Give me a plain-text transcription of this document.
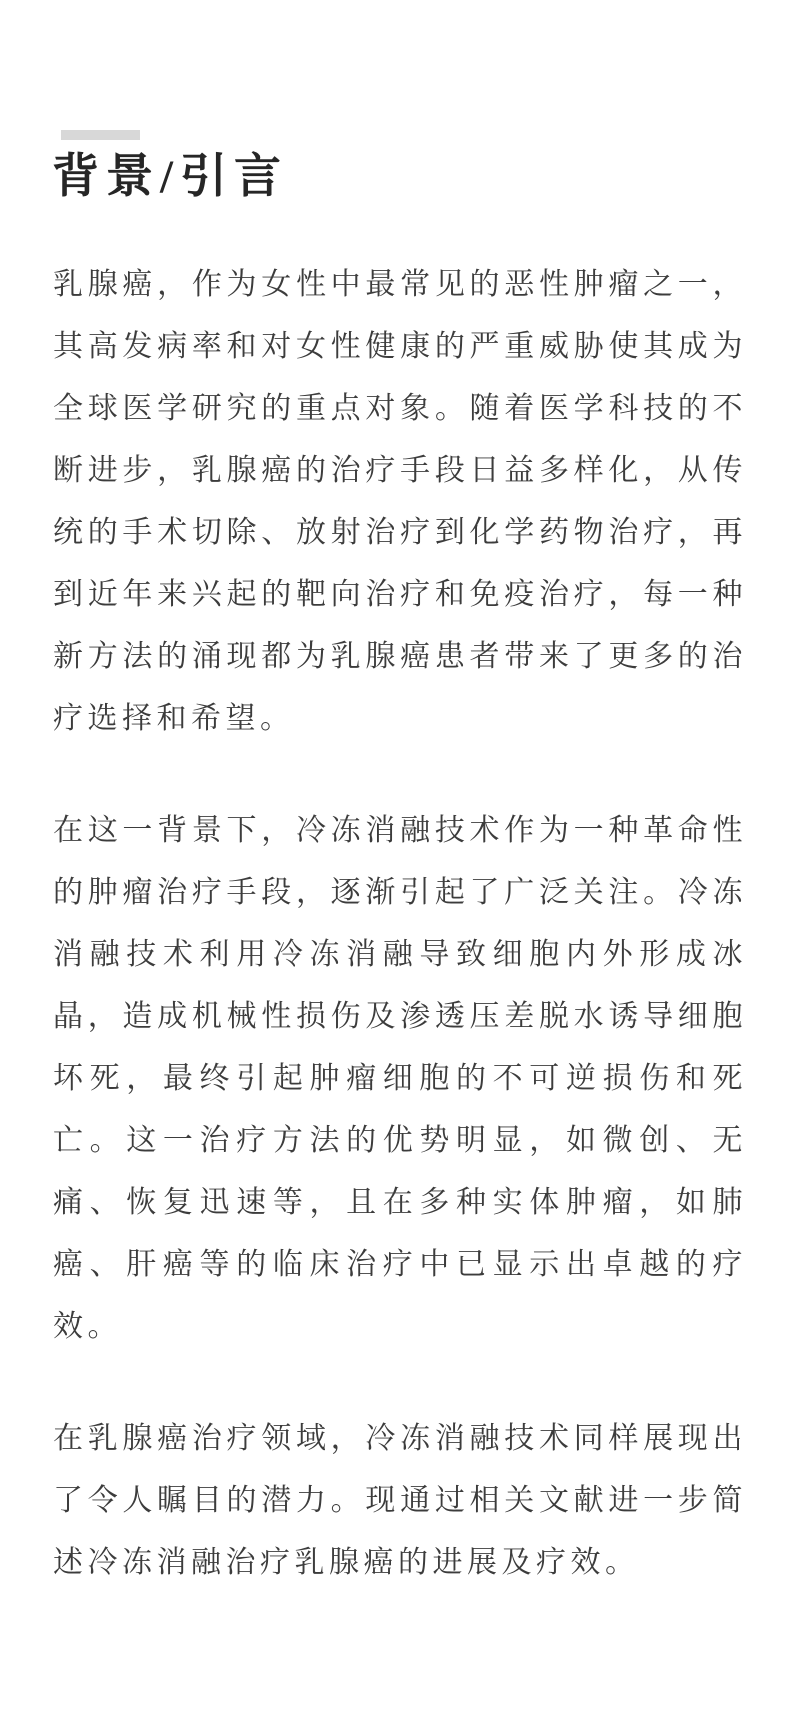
背景/引言

乳腺癌，作为女性中最常见的恶性肿瘤之一，其高发病率和对女性健康的严重威胁使其成为全球医学研究的重点对象。随着医学科技的不断进步，乳腺癌的治疗手段日益多样化，从传统的手术切除、放射治疗到化学药物治疗，再到近年来兴起的靶向治疗和免疫治疗，每一种新方法的涌现都为乳腺癌患者带来了更多的治疗选择和希望。

在这一背景下，冷冻消融技术作为一种革命性的肿瘤治疗手段，逐渐引起了广泛关注。冷冻消融技术利用冷冻消融导致细胞内外形成冰晶，造成机械性损伤及渗透压差脱水诱导细胞坏死，最终引起肿瘤细胞的不可逆损伤和死亡。这一治疗方法的优势明显，如微创、无痛、恢复迅速等，且在多种实体肿瘤，如肺癌、肝癌等的临床治疗中已显示出卓越的疗效。

在乳腺癌治疗领域，冷冻消融技术同样展现出了令人瞩目的潜力。现通过相关文献进一步简述冷冻消融治疗乳腺癌的进展及疗效。
